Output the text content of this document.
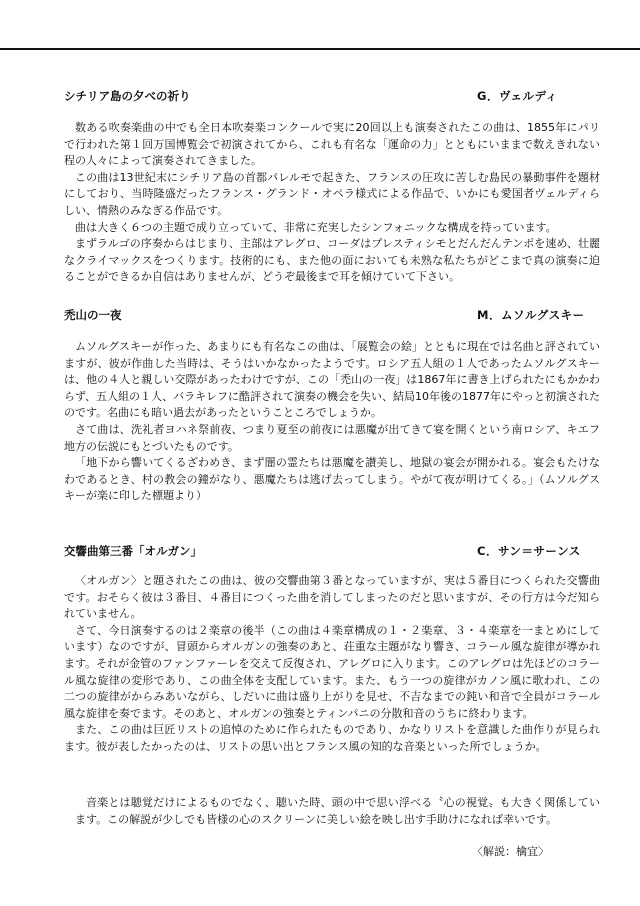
シチリア島の夕べの祈り	G．ヴェルディ

数ある吹奏楽曲の中でも全日本吹奏楽コンクールで実に20回以上も演奏されたこの曲は、1855年にパリで行われた第１回万国博覧会で初演されてから、これも有名な「運命の力」とともにいままで数えきれない程の人々によって演奏されてきました。

この曲は13世紀末にシチリア島の首都パレルモで起きた、フランスの圧攻に苦しむ島民の暴動事件を題材にしており、当時隆盛だったフランス・グランド・オペラ様式による作品で、いかにも愛国者ヴェルディらしい、情熱のみなぎる作品です。

曲は大きく６つの主題で成り立っていて、非常に充実したシンフォニックな構成を持っています。

まずラルゴの序奏からはじまり、主部はアレグロ、コーダはプレスティシモとだんだんテンポを速め、壮麗なクライマックスをつくります。技術的にも、また他の面においても未熟な私たちがどこまで真の演奏に迫ることができるか自信はありませんが、どうぞ最後まで耳を傾けていて下さい。

禿山の一夜	M．ムソルグスキー

ムソルグスキーが作った、あまりにも有名なこの曲は、「展覧会の絵」とともに現在では名曲と評されていますが、彼が作曲した当時は、そうはいかなかったようです。ロシア五人組の１人であったムソルグスキーは、他の４人と親しい交際があったわけですが、この「禿山の一夜」は1867年に書き上げられたにもかかわらず、五人組の１人、バラキレフに酷評されて演奏の機会を失い、結局10年後の1877年にやっと初演されたのです。名曲にも暗い過去があったということころでしょうか。

さて曲は、洗礼者ヨハネ祭前夜、つまり夏至の前夜には悪魔が出てきて宴を開くという南ロシア、キエフ地方の伝説にもとづいたものです。

「地下から響いてくるざわめき、まず闇の霊たちは悪魔を讃美し、地獄の宴会が開かれる。宴会もたけなわであるとき、村の教会の鐘がなり、悪魔たちは逃げ去ってしまう。やがて夜が明けてくる。」（ムソルグスキーが楽に印した標題より）

交響曲第三番「オルガン」	C．サン＝サーンス

〈オルガン〉と題されたこの曲は、彼の交響曲第３番となっていますが、実は５番目につくられた交響曲です。おそらく彼は３番目、４番目につくった曲を消してしまったのだと思いますが、その行方は今だ知られていません。

さて、今日演奏するのは２楽章の後半（この曲は４楽章構成の１・２楽章、３・４楽章を一まとめにしています）なのですが、冒頭からオルガンの強奏のあと、荘重な主題がなり響き、コラール風な旋律が導かれます。それが金管のファンファーレを交えて反復され、アレグロに入ります。このアレグロは先ほどのコラール風な旋律の変形であり、この曲全体を支配しています。また、もう一つの旋律がカノン風に歌われ、この二つの旋律がからみあいながら、しだいに曲は盛り上がりを見せ、不吉なまでの鈍い和音で全員がコラール風な旋律を奏でます。そのあと、オルガンの強奏とティンパニの分散和音のうちに終わります。

また、この曲は巨匠リストの追悼のために作られたものであり、かなりリストを意識した曲作りが見られます。彼が表したかったのは、リストの思い出とフランス風の知的な音楽といった所でしょうか。

音楽とは聴覚だけによるものでなく、聴いた時、頭の中で思い浮べる〝心の視覚〟も大きく関係しています。この解説が少しでも皆様の心のスクリーンに美しい絵を映し出す手助けになれば幸いです。

〈解説：檎宜〉
